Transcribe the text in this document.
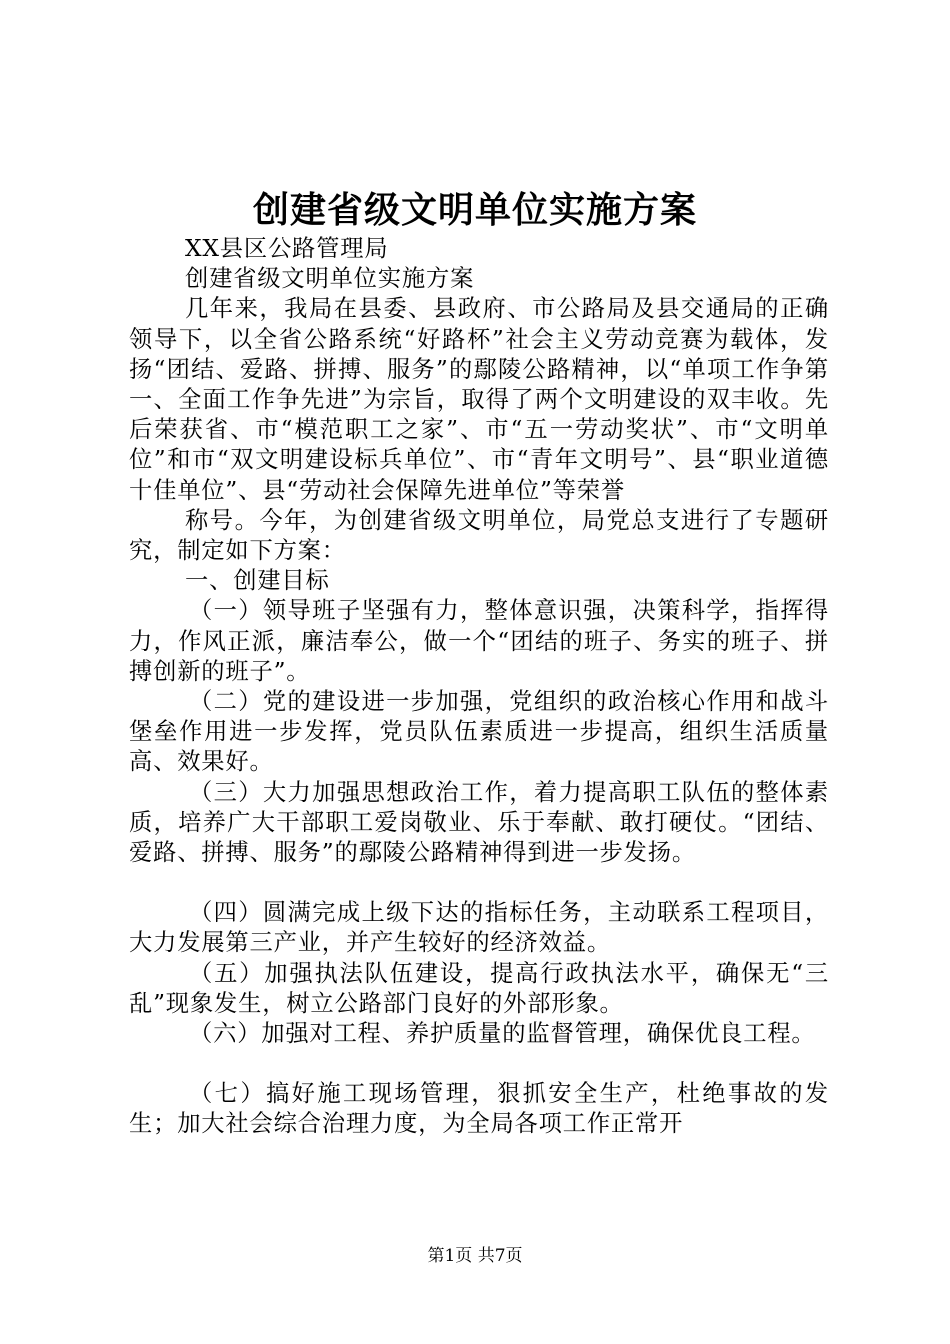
创建省级文明单位实施方案

XX县区公路管理局

创建省级文明单位实施方案

几年来，我局在县委、县政府、市公路局及县交通局的正确领导下，以全省公路系统“好路杯”社会主义劳动竞赛为载体，发扬“团结、爱路、拼搏、服务”的鄢陵公路精神，以“单项工作争第一、全面工作争先进”为宗旨，取得了两个文明建设的双丰收。先后荣获省、市“模范职工之家”、市“五一劳动奖状”、市“文明单位”和市“双文明建设标兵单位”、市“青年文明号”、县“职业道德十佳单位”、县“劳动社会保障先进单位”等荣誉

称号。今年，为创建省级文明单位，局党总支进行了专题研究，制定如下方案：

一、创建目标

（一）领导班子坚强有力，整体意识强，决策科学，指挥得力，作风正派，廉洁奉公，做一个“团结的班子、务实的班子、拼搏创新的班子”。

（二）党的建设进一步加强，党组织的政治核心作用和战斗堡垒作用进一步发挥，党员队伍素质进一步提高，组织生活质量高、效果好。

（三）大力加强思想政治工作，着力提高职工队伍的整体素质，培养广大干部职工爱岗敬业、乐于奉献、敢打硬仗。“团结、爱路、拼搏、服务”的鄢陵公路精神得到进一步发扬。

（四）圆满完成上级下达的指标任务，主动联系工程项目，大力发展第三产业，并产生较好的经济效益。

（五）加强执法队伍建设，提高行政执法水平，确保无“三乱”现象发生，树立公路部门良好的外部形象。

（六）加强对工程、养护质量的监督管理，确保优良工程。

（七）搞好施工现场管理，狠抓安全生产，杜绝事故的发生；加大社会综合治理力度，为全局各项工作正常开

第1页 共7页
